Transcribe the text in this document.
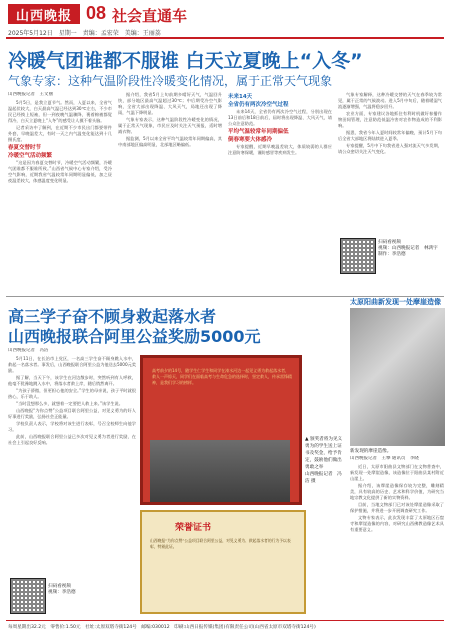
山西晚报 08 社会直通车
2025年5月12日　星期一　责编：孟宏荣　美编：王丽荔
冷暖气团谁都不服谁 白天立夏晚上“入冬”
气象专家：这种气温阶段性冷暖变化情况，属于正常天气现象
山西晚报记者　王文丽

5月5日，是我立夏节气。然而，入夏以来，全省气温起伏较大，白天最高气温已经达到30℃左右，不少市民已经换上短袖，但一到夜晚气温骤降，裹着棉被都觉得冷，白天立夏晚上“入冬”的感受让人摸不着头脑。

记者采访中了解到，在近期不少市民出门都要带件外套，早晚温差大，有时一天之内气温变化能达到十几摄氏度。

春夏交替时节
冷暖空气活动频繁

“这是因为春夏交替时节，冷暖空气活动频繁，冷暖气团谁都不服谁所致。”山西省气候中心专家介绍，受冷空气影响，近期我省气温较常年同期明显偏低，加之昼夜温差较大，体感温度变化明显。

据介绍，我省5月上旬前期多晴好天气，气温回升快，部分地区最高气温超过30℃；中后期受冷空气影响，全省大部出现降温、大风天气，局地还出现了降雨，气温下降明显。

气象专家表示，这种气温阶段性冷暖变化的情况，属于正常天气现象，市民应及时关注天气预报，适时增减衣物。

据监测，5月以来全省平均气温较常年同期偏高，其中南部地区偏高明显，北部地区略偏低。

未来14天
全省仍有两次冷空气过程

未来14天，全省仍有两次冷空气过程，分别出现在13日前后和18日前后，届时将出现降温、大风天气，请公众注意防范。

平均气温较常年同期偏低
倒春寒要大体感冷

专家提醒，近期早晚温差较大，体质较弱的人群应注意防寒保暖，谨防感冒等疾病发生。

气象专家解释，这种冷暖交替的天气在春季较为常见，属于正常的气候波动。进入5月中旬后，随着暖湿气流逐渐增强，气温将稳步回升。

农业方面，专家建议各地抓住有利时机做好春播作物田间管理，注意防范低温冷害对农作物造成的不利影响。

据悉，我省今年入夏时间较常年偏晚，预计5月下旬后全省大部地区将陆续进入夏季。

专家提醒，5月中下旬我省进入强对流天气多发期，请公众密切关注天气变化。

扫码看视频
视频：山西晚报记者　林鸿宇
制作：李浩德
高三学子奋不顾身救起落水者
山西晚报联合阿里公益奖励5000元
山西晚报记者　冯洁

5月11日，在长治市上党区，一名高三学生奋不顾身跳入水中，救起一名落水者。事发后，山西晚报联合阿里公益为他送去5000元奖励。

据了解，当天下午，该学生在河边散步时，突然听到有人呼救，他毫不犹豫地跳入水中，将落水者救上岸，随后悄然离开。

“为孩子骄傲，但更担心他的安全。”学生的母亲说，孩子平时就很热心，乐于助人。

“当时没想那么多，就想着一定要把人救上来。”该学生说。

山西晚报“为你点赞”公益项目联合阿里公益，对见义勇为的好人好事进行奖励，弘扬社会正能量。

学校负责人表示，学校将对该生进行表彰，号召全校师生向他学习。

此前，山西晚报联合阿里公益已多次对见义勇为者进行奖励，在社会上引起良好反响。

扫码看视频
视频：李浩德
高考前夕的14号，随学生仁学生和同学在涑水河边一起见义勇为救起落水者，救人一声惊天，同学们在面临高考与生命危急的选择时，坚定救人，传承雷锋精神，是我们学习的榜样。
荣誉证书
山西晚报“为你点赞”公益项目联合阿里公益，对见义勇为、救起落水者的行为予以表彰，特颁此证。
▲ 颁奖者将为见义勇为的学生送上证书及奖金，给予肯定，鼓励他们做出勇敢之举
山西晚报记者　冯洁 摄
太原阳曲新发现一处摩崖造像
新发现的摩崖造像。
山西晚报记者　王攀 通讯员　李晓

近日，太原市阳曲县文物部门在文物普查中，新发现一处摩崖造像，该造像位于阳曲县某村附近山崖上。

据介绍，该摩崖造像保存较为完整，雕刻精美，具有较高的历史、艺术和科学价值，为研究当地宗教文化提供了新的实物资料。

目前，当地文物部门已对该处摩崖造像采取了保护措施，并将进一步开展调查研究工作。

文物专家表示，此次发现丰富了太原地区石窟寺和摩崖造像的内容，对研究山西佛教造像艺术具有重要意义。

每周星期出32.2元　零售价:1.50元　社址:太原双塔寺街124号　邮编:030012　印刷:山西日报传媒(集团)有限责任公司(山西省太原市双塔寺街124号)
